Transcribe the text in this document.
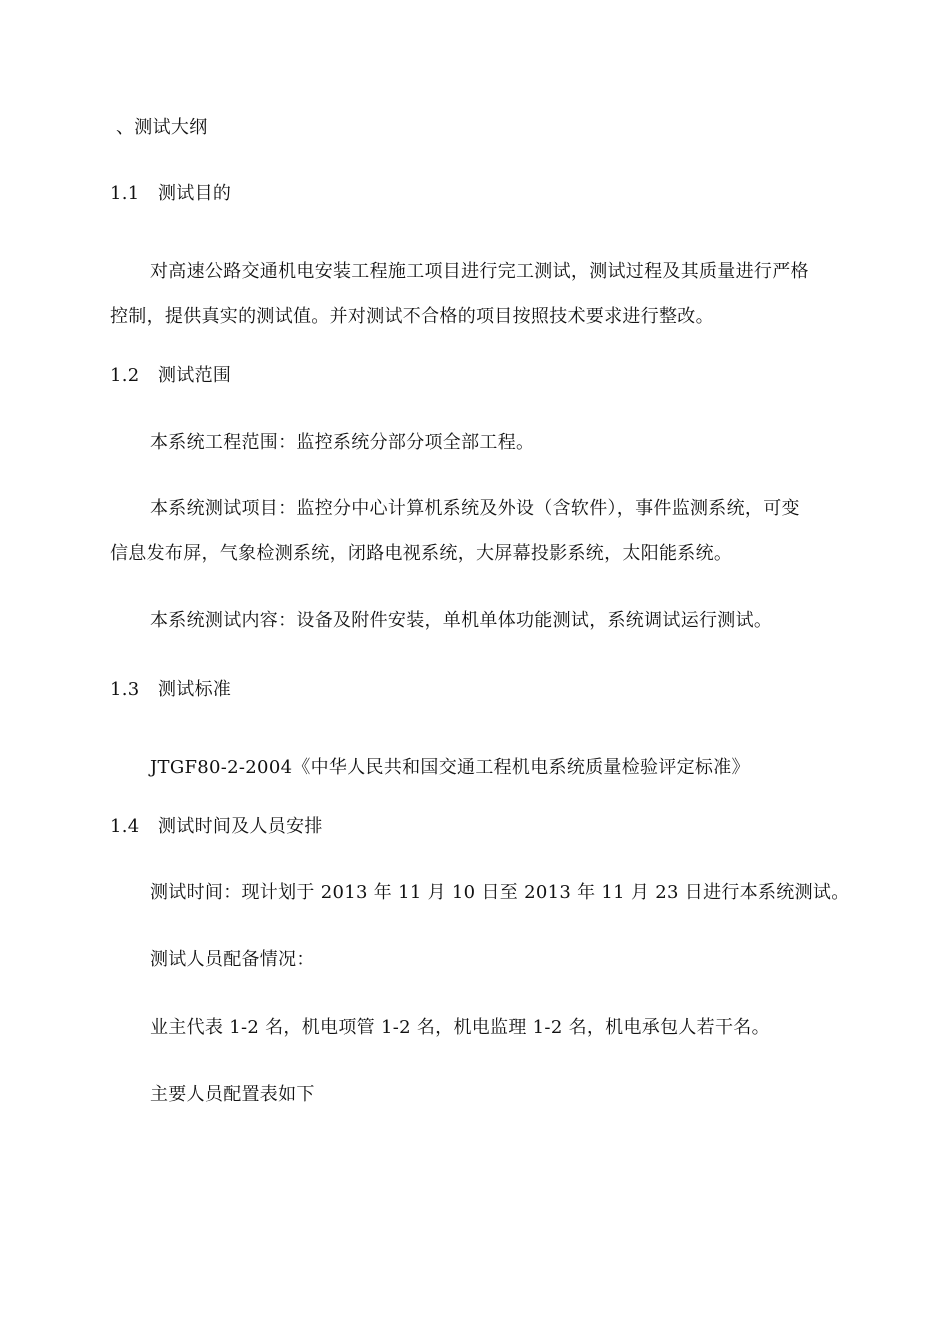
、测试大纲
1.1 测试目的
对高速公路交通机电安装工程施工项目进行完工测试，测试过程及其质量进行严格
控制，提供真实的测试值。并对测试不合格的项目按照技术要求进行整改。
1.2 测试范围
本系统工程范围：监控系统分部分项全部工程。
本系统测试项目：监控分中心计算机系统及外设（含软件），事件监测系统，可变
信息发布屏，气象检测系统，闭路电视系统，大屏幕投影系统，太阳能系统。
本系统测试内容：设备及附件安装，单机单体功能测试，系统调试运行测试。
1.3 测试标准
JTGF80-2-2004《中华人民共和国交通工程机电系统质量检验评定标准》
1.4 测试时间及人员安排
测试时间：现计划于 2013 年 11 月 10 日至 2013 年 11 月 23 日进行本系统测试。
测试人员配备情况：
业主代表 1-2 名，机电项管 1-2 名，机电监理 1-2 名，机电承包人若干名。
主要人员配置表如下
